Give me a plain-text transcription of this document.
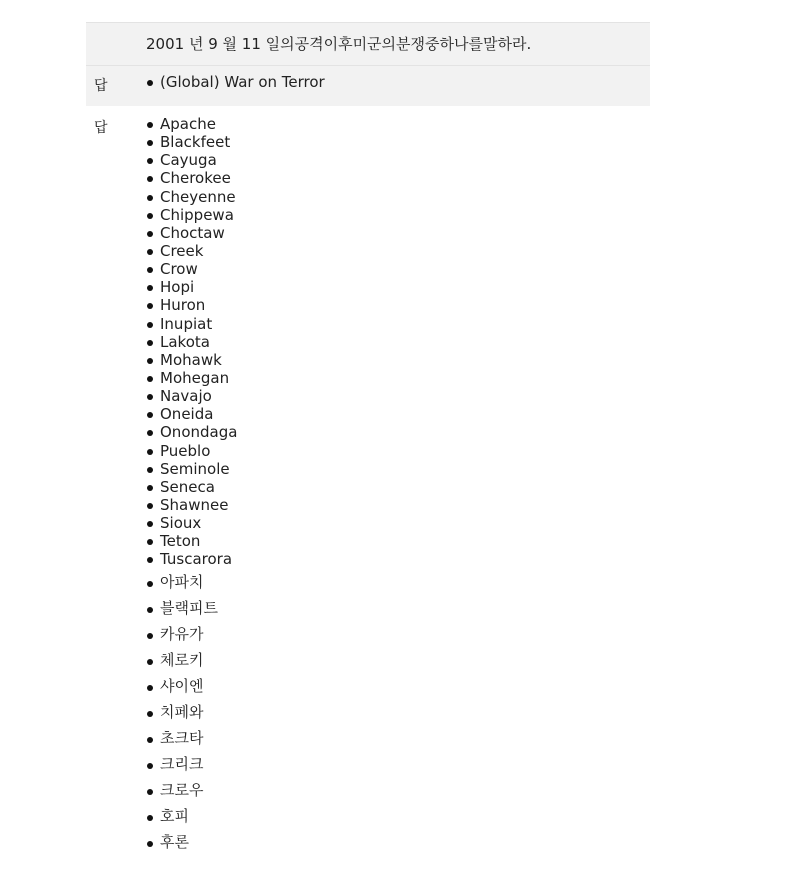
2001 년 9 월 11 일의공격이후미군의분쟁중하나를말하라.
답	(Global) War on Terror
답	Apache
Blackfeet
Cayuga
Cherokee
Cheyenne
Chippewa
Choctaw
Creek
Crow
Hopi
Huron
Inupiat
Lakota
Mohawk
Mohegan
Navajo
Oneida
Onondaga
Pueblo
Seminole
Seneca
Shawnee
Sioux
Teton
Tuscarora
아파치
블랙피트
카유가
체로키
샤이엔
치페와
초크타
크리크
크로우
호피
후론
